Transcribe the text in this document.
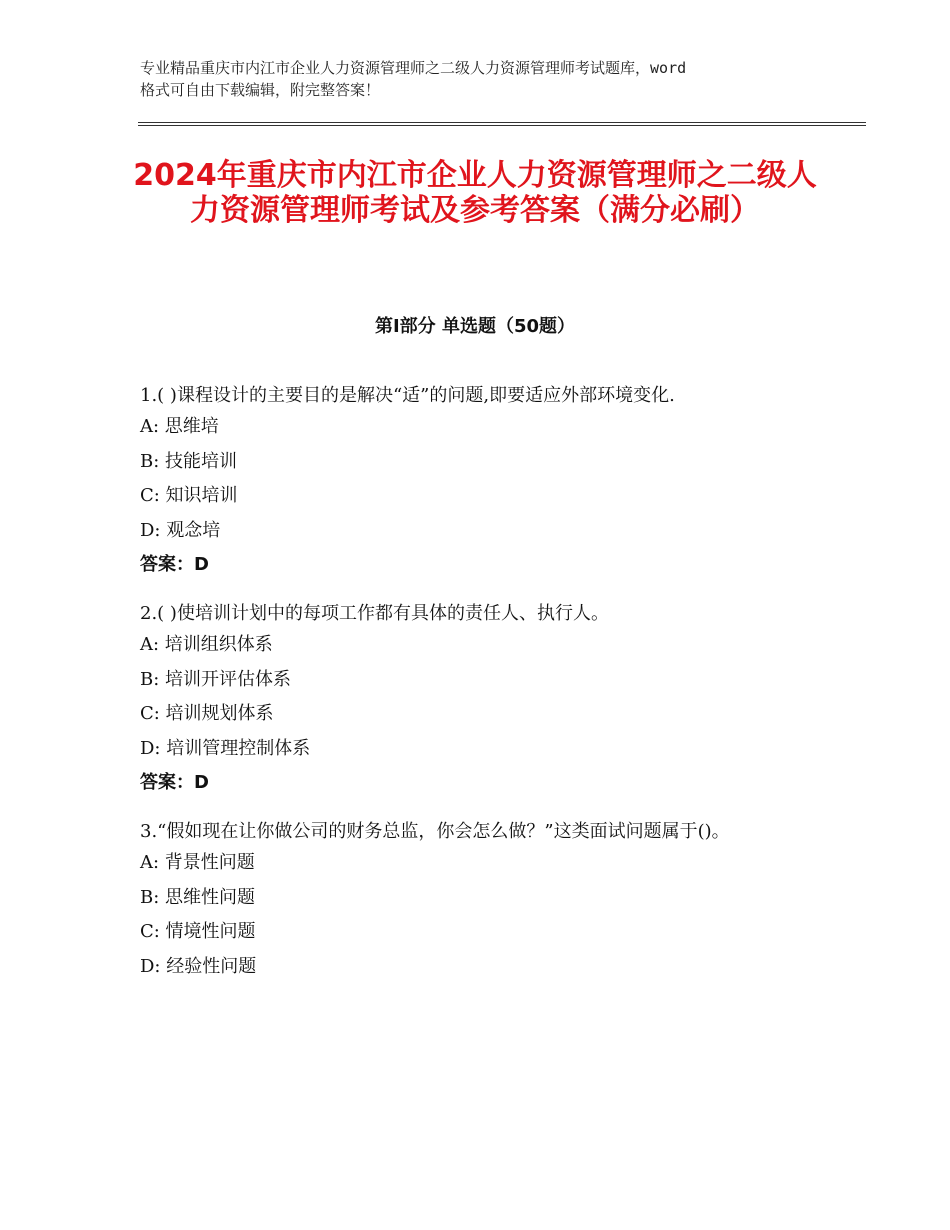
专业精品重庆市内江市企业人力资源管理师之二级人力资源管理师考试题库，word
格式可自由下载编辑，附完整答案！
2024年重庆市内江市企业人力资源管理师之二级人力资源管理师考试及参考答案（满分必刷）
第Ⅰ部分 单选题（50题）
1.( )课程设计的主要目的是解决“适”的问题,即要适应外部环境变化.
A: 思维培
B: 技能培训
C: 知识培训
D: 观念培
答案：D
2.( )使培训计划中的每项工作都有具体的责任人、执行人。
A: 培训组织体系
B: 培训开评估体系
C: 培训规划体系
D: 培训管理控制体系
答案：D
3.“假如现在让你做公司的财务总监，你会怎么做？”这类面试问题属于()。
A: 背景性问题
B: 思维性问题
C: 情境性问题
D: 经验性问题
